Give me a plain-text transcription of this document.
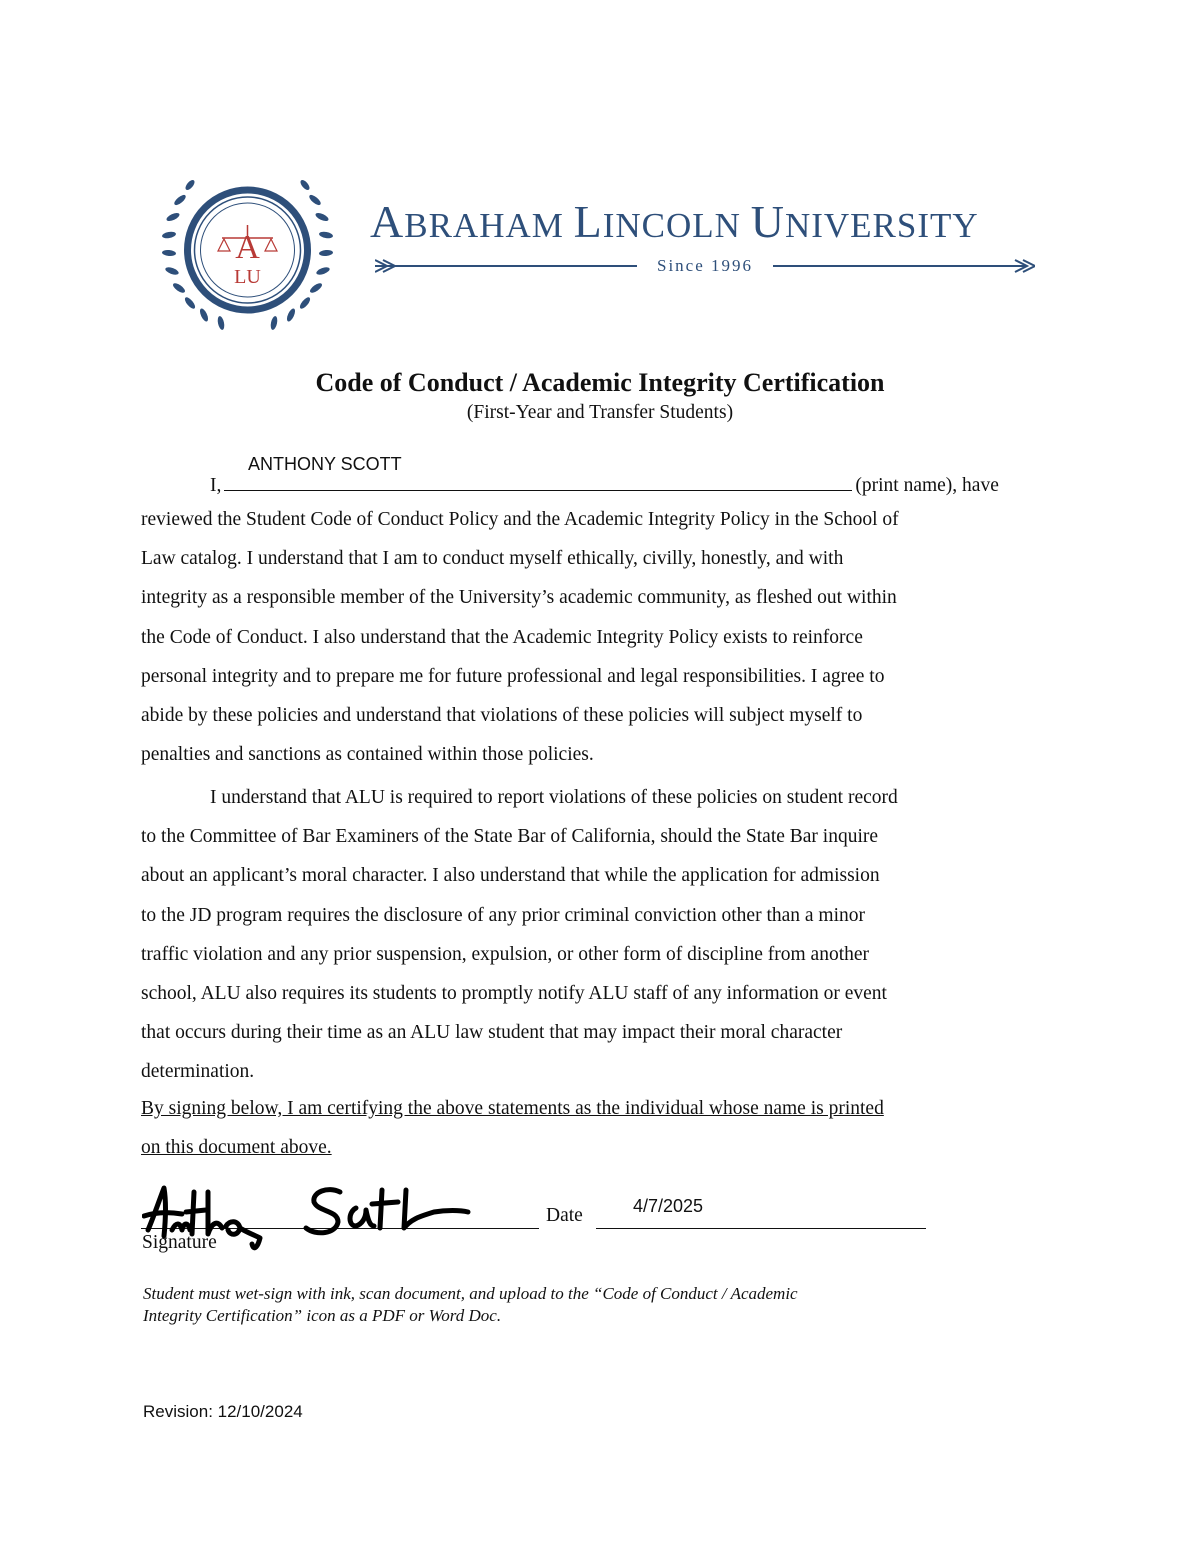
A
LU
ABRAHAM LINCOLN UNIVERSITY
Since 1996
Code of Conduct / Academic Integrity Certification
(First-Year and Transfer Students)
ANTHONY SCOTT
I,	(print name), have
reviewed the Student Code of Conduct Policy and the Academic Integrity Policy in the School of
Law catalog. I understand that I am to conduct myself ethically, civilly, honestly, and with
integrity as a responsible member of the University’s academic community, as fleshed out within
the Code of Conduct. I also understand that the Academic Integrity Policy exists to reinforce
personal integrity and to prepare me for future professional and legal responsibilities. I agree to
abide by these policies and understand that violations of these policies will subject myself to
penalties and sanctions as contained within those policies.
I understand that ALU is required to report violations of these policies on student record
to the Committee of Bar Examiners of the State Bar of California, should the State Bar inquire
about an applicant’s moral character. I also understand that while the application for admission
to the JD program requires the disclosure of any prior criminal conviction other than a minor
traffic violation and any prior suspension, expulsion, or other form of discipline from another
school, ALU also requires its students to promptly notify ALU staff of any information or event
that occurs during their time as an ALU law student that may impact their moral character
determination.
By signing below, I am certifying the above statements as the individual whose name is printed
on this document above.
Signature
Date	4/7/2025
Student must wet-sign with ink, scan document, and upload to the “Code of Conduct / Academic
Integrity Certification” icon as a PDF or Word Doc.
Revision: 12/10/2024
